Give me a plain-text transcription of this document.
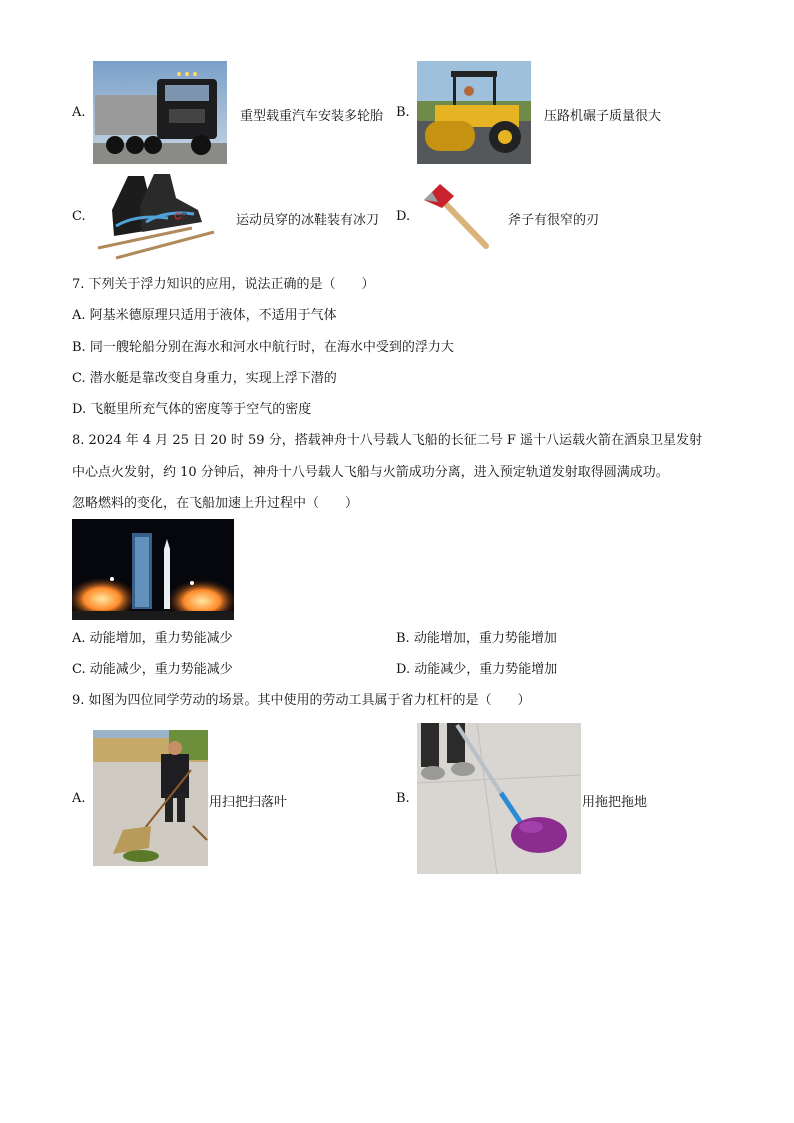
A.	重型载重汽车安装多轮胎 B.	压路机碾子质量很大
C.	运动员穿的冰鞋装有冰刀 D.	斧子有很窄的刃
7. 下列关于浮力知识的应用，说法正确的是（　　）
A. 阿基米德原理只适用于液体，不适用于气体
B. 同一艘轮船分别在海水和河水中航行时，在海水中受到的浮力大
C. 潜水艇是靠改变自身重力，实现上浮下潜的
D. 飞艇里所充气体的密度等于空气的密度
8. 2024 年 4 月 25 日 20 时 59 分，搭载神舟十八号载人飞船的长征二号 F 遥十八运载火箭在酒泉卫星发射
中心点火发射，约 10 分钟后，神舟十八号载人飞船与火箭成功分离，进入预定轨道发射取得圆满成功。
忽略燃料的变化，在飞船加速上升过程中（　　）
A. 动能增加，重力势能减少	B. 动能增加，重力势能增加
C. 动能减少，重力势能减少	D. 动能减少，重力势能增加
9. 如图为四位同学劳动的场景。其中使用的劳动工具属于省力杠杆的是（　　）
A.	用扫把扫落叶	B.	用拖把拖地
